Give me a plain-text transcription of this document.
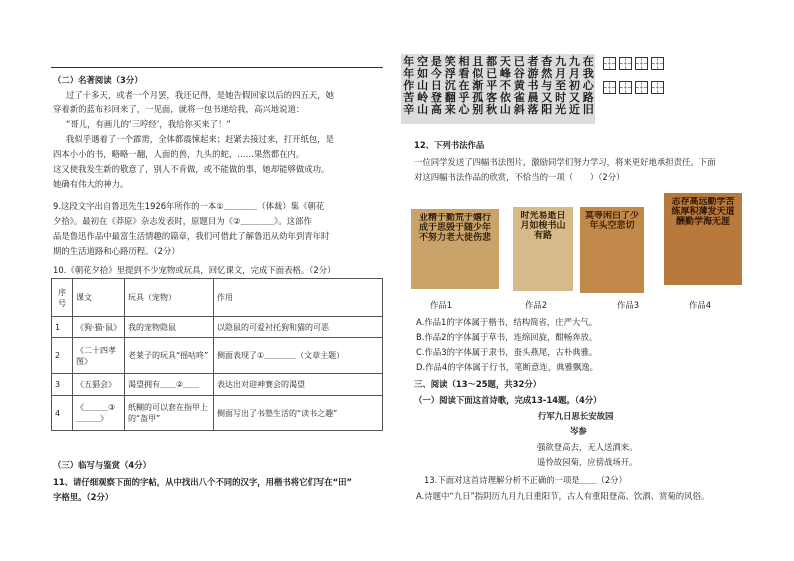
（二）名著阅读（3分）
过了十多天，或者一个月罢，我还记得，是她告假回家以后的四五天，她
穿着新的蓝布衫回来了，一见面，就将一包书递给我，高兴地说道：
“哥儿，有画儿的‘三哼经’，我给你买来了！”
我似乎遇着了一个霹雳，全体都震悚起来；赶紧去接过来，打开纸包，是
四本小小的书，略略一翻，人面的兽，九头的蛇，……果然都在内。
这又使我发生新的敬意了，别人不肯做，或不能做的事，她却能够做成功。
她确有伟大的神力。
9.这段文字出自鲁迅先生1926年所作的一本①＿＿＿＿（体裁）集《朝花
夕拾》。最初在《莽原》杂志发表时，原题目为《②＿＿＿＿》。这部作
品是鲁迅作品中最富生活情趣的篇章，我们可借此了解鲁迅从幼年到青年时
期的生活道路和心路历程。（2分）
10.《朝花夕拾》里提到不少宠物或玩具，回忆课文，完成下面表格。（2分）
序号	课文	玩具（宠物）	作用
1	《狗·猫·鼠》	我的宠物隐鼠	以隐鼠的可爱衬托狗和猫的可恶
2	《二十四孝图》	老莱子的玩具“摇咕咚”	侧面表现了①＿＿＿＿（文章主题）
3	《五猖会》	渴望拥有＿＿②＿＿	表达出对迎神赛会的渴望
4	《＿＿＿③＿＿＿》	纸糊的可以套在指甲上的“盔甲”	侧面写出了书塾生活的“读书之趣”
（三）临写与鉴赏（4分）
11、请仔细观察下面的字帖，从中找出八个不同的汉字，用楷书将它们写在“田”
字格里。（2分）
在我心路旧
九月初又近
九月至时光
杳然与又阳
者游书晨落
已谷黄雀斜
天峰不依山
都已平客秋
且似渐孤别
相看在乎心
笑浮沉翻来
是今日登高
空如山岭山
年年作苦辛
12、下列书法作品
一位同学发送了四幅书法图片，激励同学们努力学习，将来更好地承担责任。下面
对这四幅书法作品的欣赏，不恰当的一项（　　）（2分）
业精于勤荒于嬉行成于思毁于随少年不努力老大徒伤悲
时光易逝日月如梭书山有路
莫等闲白了少年头空悲切
志存高远勤学苦练厚积薄发天道酬勤学海无涯
作品1	作品2	作品3	作品4
A.作品1的字体属于楷书，结构简省，庄严大气。
B.作品2的字体属于草书，连绵回旋，酣畅奔放。
C.作品3的字体属于隶书，蚕头燕尾，古朴典雅。
D.作品4的字体属于行书，笔断意连，典雅飘逸。
三、阅读（13～25题，共32分）
（一）阅读下面这首诗歌，完成13-14题。（4分）
行军九日思长安故园
岑参
强欲登高去，无人送酒来。
遥怜故园菊，应傍战场开。
13.下面对这首诗理解分析不正确的一项是＿＿（2分）
A.诗题中“九日”指阴历九月九日重阳节，古人有重阳登高、饮酒、赏菊的风俗。
